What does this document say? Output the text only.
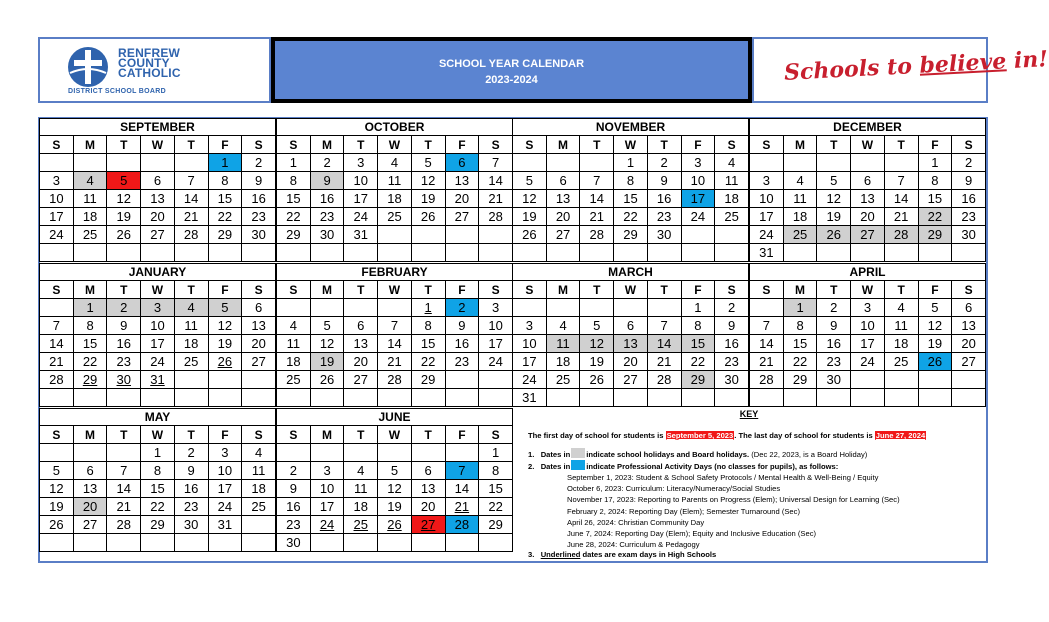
RENFREW
COUNTY
CATHOLIC
DISTRICT SCHOOL BOARD
SCHOOL YEAR CALENDAR
2023-2024	Schools to believe in!
SEPTEMBER						
S	M	T	W	T	F	S
					1	2
3	4	5	6	7	8	9
10	11	12	13	14	15	16
17	18	19	20	21	22	23
24	25	26	27	28	29	30

OCTOBER						
S	M	T	W	T	F	S
1	2	3	4	5	6	7
8	9	10	11	12	13	14
15	16	17	18	19	20	21
22	23	24	25	26	27	28
29	30	31				

NOVEMBER						
S	M	T	W	T	F	S
			1	2	3	4
5	6	7	8	9	10	11
12	13	14	15	16	17	18
19	20	21	22	23	24	25
26	27	28	29	30		

DECEMBER						
S	M	T	W	T	F	S
					1	2
3	4	5	6	7	8	9
10	11	12	13	14	15	16
17	18	19	20	21	22	23
24	25	26	27	28	29	30
31						
JANUARY						
S	M	T	W	T	F	S
	1	2	3	4	5	6
7	8	9	10	11	12	13
14	15	16	17	18	19	20
21	22	23	24	25	26	27
28	29	30	31			

FEBRUARY						
S	M	T	W	T	F	S
				1	2	3
4	5	6	7	8	9	10
11	12	13	14	15	16	17
18	19	20	21	22	23	24
25	26	27	28	29		

MARCH						
S	M	T	W	T	F	S
					1	2
3	4	5	6	7	8	9
10	11	12	13	14	15	16
17	18	19	20	21	22	23
24	25	26	27	28	29	30
31						
APRIL						
S	M	T	W	T	F	S
	1	2	3	4	5	6
7	8	9	10	11	12	13
14	15	16	17	18	19	20
21	22	23	24	25	26	27
28	29	30				

MAY						
S	M	T	W	T	F	S
			1	2	3	4
5	6	7	8	9	10	11
12	13	14	15	16	17	18
19	20	21	22	23	24	25
26	27	28	29	30	31	

JUNE						
S	M	T	W	T	F	S
						1
2	3	4	5	6	7	8
9	10	11	12	13	14	15
16	17	18	19	20	21	22
23	24	25	26	27	28	29
30						
KEY
The first day of school for students is September 5, 2023. The last day of school for students is June 27, 2024
1. Dates in indicate school holidays and Board holidays. (Dec 22, 2023, is a Board Holiday)
2. Dates in indicate Professional Activity Days (no classes for pupils), as follows:
September 1, 2023: Student & School Safety Protocols / Mental Health & Well-Being / Equity
October 6, 2023: Curriculum: Literacy/Numeracy/Social Studies
November 17, 2023: Reporting to Parents on Progress (Elem); Universal Design for Learning (Sec)
February 2, 2024: Reporting Day (Elem); Semester Turnaround (Sec)
April 26, 2024: Christian Community Day
June 7, 2024: Reporting Day (Elem); Equity and Inclusive Education (Sec)
June 28, 2024: Curriculum & Pedagogy
3. Underlined dates are exam days in High Schools
